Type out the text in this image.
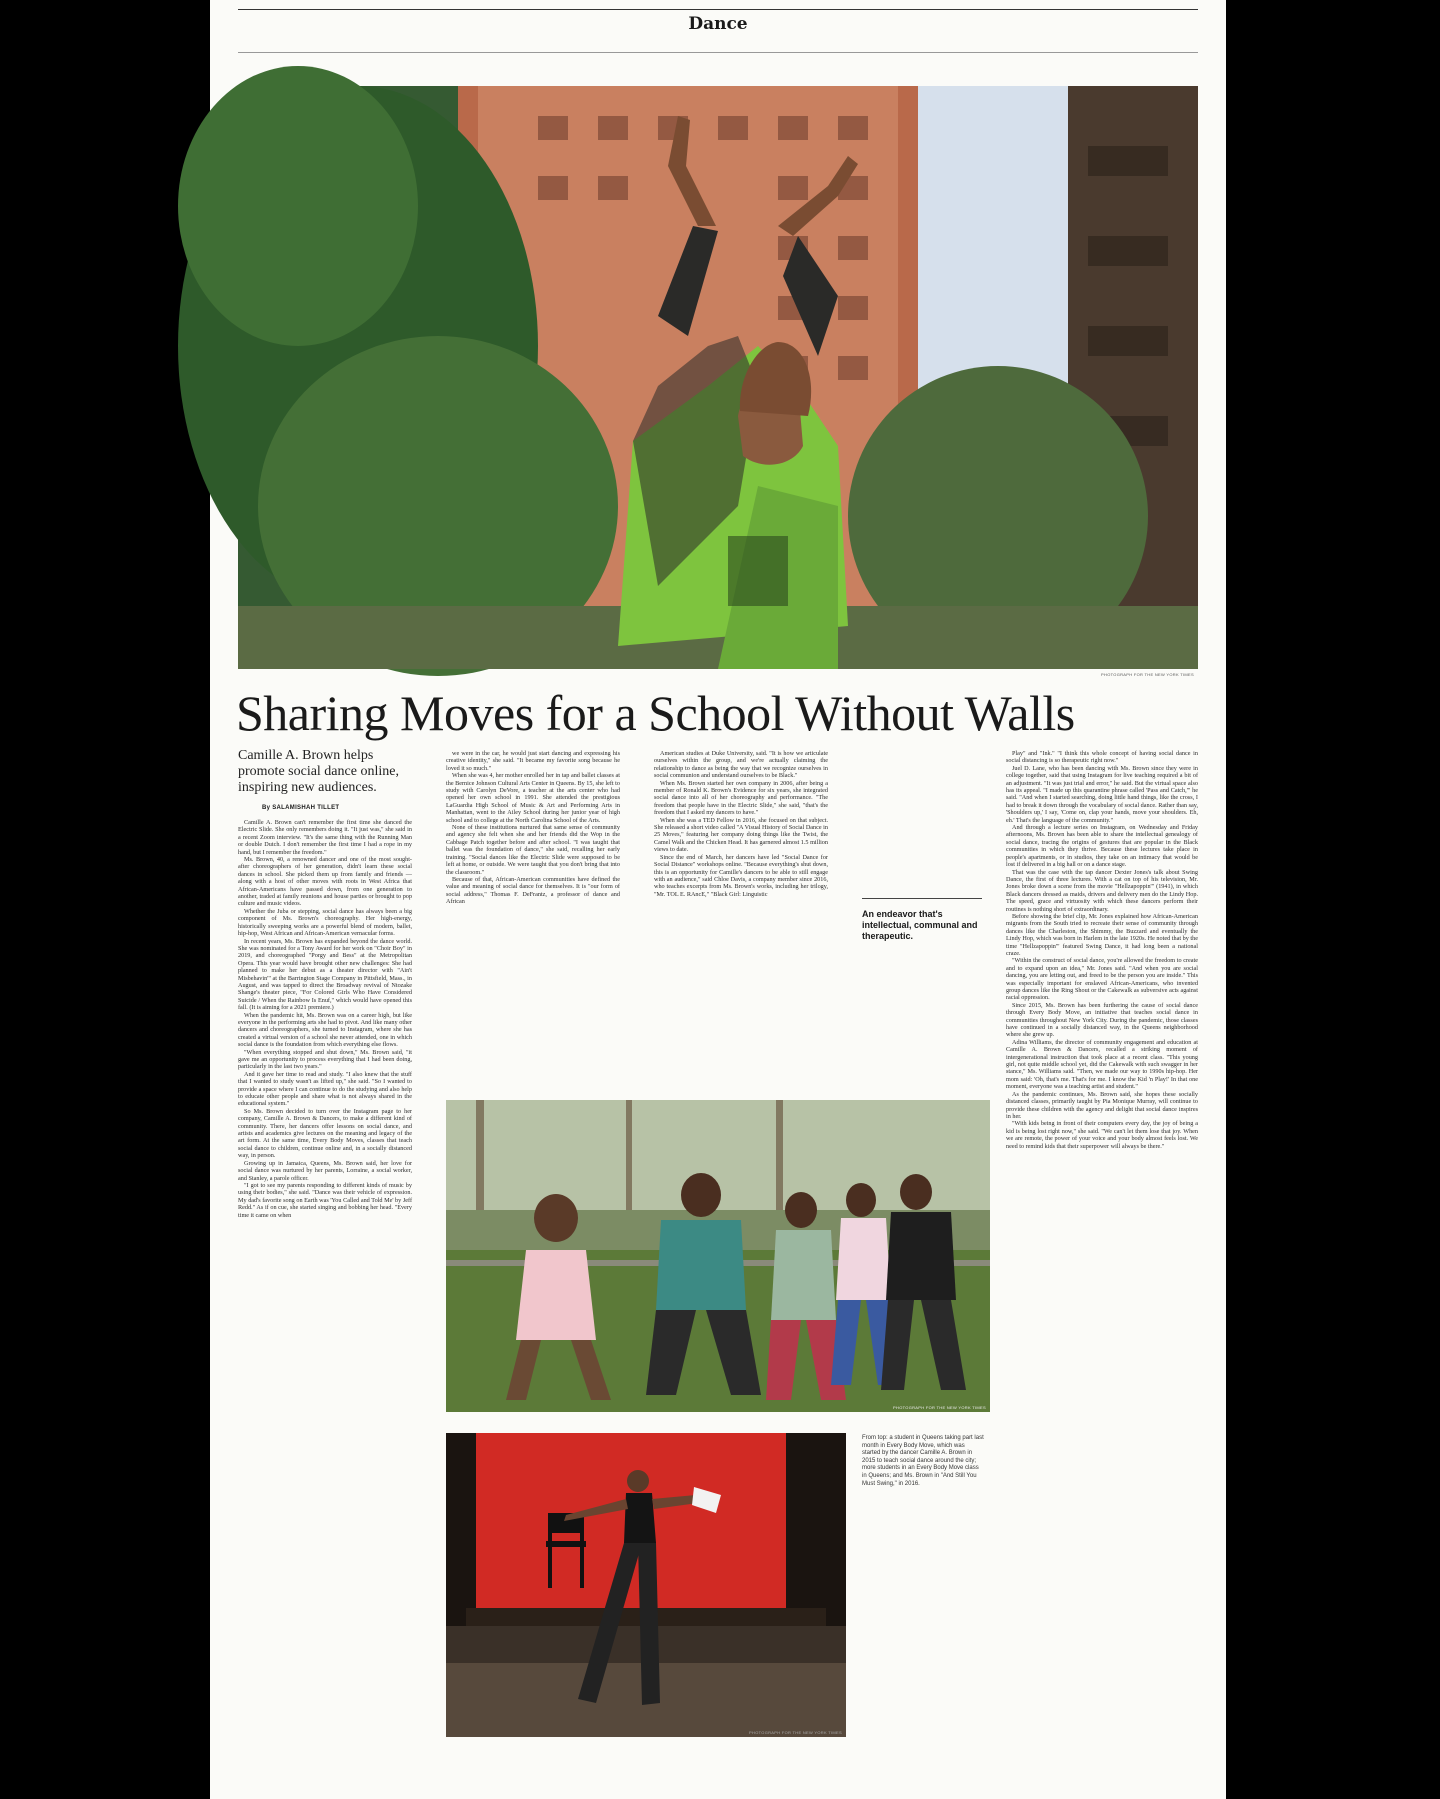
Dance
PHOTOGRAPH FOR THE NEW YORK TIMES
Sharing Moves for a School Without Walls
Camille A. Brown helps promote social dance online, inspiring new audiences.
By SALAMISHAH TILLET

Camille A. Brown can't remember the first time she danced the Electric Slide. She only remembers doing it. "It just was," she said in a recent Zoom interview. "It's the same thing with the Running Man or double Dutch. I don't remember the first time I had a rope in my hand, but I remember the freedom."

Ms. Brown, 40, a renowned dancer and one of the most sought-after choreographers of her generation, didn't learn these social dances in school. She picked them up from family and friends — along with a host of other moves with roots in West Africa that African-Americans have passed down, from one generation to another, traded at family reunions and house parties or brought to pop culture and music videos.

Whether the Juba or stepping, social dance has always been a big component of Ms. Brown's choreography. Her high-energy, historically sweeping works are a powerful blend of modern, ballet, hip-hop, West African and African-American vernacular forms.

In recent years, Ms. Brown has expanded beyond the dance world. She was nominated for a Tony Award for her work on "Choir Boy" in 2019, and choreographed "Porgy and Bess" at the Metropolitan Opera. This year would have brought other new challenges: She had planned to make her debut as a theater director with "Ain't Misbehavin'" at the Barrington Stage Company in Pittsfield, Mass., in August, and was tapped to direct the Broadway revival of Ntozake Shange's theater piece, "For Colored Girls Who Have Considered Suicide / When the Rainbow Is Enuf," which would have opened this fall. (It is aiming for a 2021 premiere.)

When the pandemic hit, Ms. Brown was on a career high, but like everyone in the performing arts she had to pivot. And like many other dancers and choreographers, she turned to Instagram, where she has created a virtual version of a school she never attended, one in which social dance is the foundation from which everything else flows.

"When everything stopped and shut down," Ms. Brown said, "it gave me an opportunity to process everything that I had been doing, particularly in the last two years."

And it gave her time to read and study. "I also knew that the stuff that I wanted to study wasn't as lifted up," she said. "So I wanted to provide a space where I can continue to do the studying and also help to educate other people and share what is not always shared in the educational system."

So Ms. Brown decided to turn over the Instagram page to her company, Camille A. Brown & Dancers, to make a different kind of community. There, her dancers offer lessons on social dance, and artists and academics give lectures on the meaning and legacy of the art form. At the same time, Every Body Moves, classes that teach social dance to children, continue online and, in a socially distanced way, in person.

Growing up in Jamaica, Queens, Ms. Brown said, her love for social dance was nurtured by her parents, Lorraine, a social worker, and Stanley, a parole officer.

"I got to see my parents responding to different kinds of music by using their bodies," she said. "Dance was their vehicle of expression. My dad's favorite song on Earth was 'You Called and Told Me' by Jeff Redd." As if on cue, she started singing and bobbing her head. "Every time it came on when

we were in the car, he would just start dancing and expressing his creative identity," she said. "It became my favorite song because he loved it so much."

When she was 4, her mother enrolled her in tap and ballet classes at the Bernice Johnson Cultural Arts Center in Queens. By 15, she left to study with Carolyn DeVore, a teacher at the arts center who had opened her own school in 1991. She attended the prestigious LaGuardia High School of Music & Art and Performing Arts in Manhattan, went to the Ailey School during her junior year of high school and to college at the North Carolina School of the Arts.

None of these institutions nurtured that same sense of community and agency she felt when she and her friends did the Wop in the Cabbage Patch together before and after school. "I was taught that ballet was the foundation of dance," she said, recalling her early training. "Social dances like the Electric Slide were supposed to be left at home, or outside. We were taught that you don't bring that into the classroom."

Because of that, African-American communities have defined the value and meaning of social dance for themselves. It is "our form of social address," Thomas F. DeFrantz, a professor of dance and African

American studies at Duke University, said. "It is how we articulate ourselves within the group, and we're actually claiming the relationship to dance as being the way that we recognize ourselves in social communion and understand ourselves to be Black."

When Ms. Brown started her own company in 2006, after being a member of Ronald K. Brown's Evidence for six years, she integrated social dance into all of her choreography and performance. "The freedom that people have in the Electric Slide," she said, "that's the freedom that I asked my dancers to have."

When she was a TED Fellow in 2016, she focused on that subject. She released a short video called "A Visual History of Social Dance in 25 Moves," featuring her company doing things like the Twist, the Camel Walk and the Chicken Head. It has garnered almost 1.5 million views to date.

Since the end of March, her dancers have led "Social Dance for Social Distance" workshops online. "Because everything's shut down, this is an opportunity for Camille's dancers to be able to still engage with an audience," said Chloe Davis, a company member since 2016, who teaches excerpts from Ms. Brown's works, including her trilogy, "Mr. TOL E. RAncE," "Black Girl: Linguistic

An endeavor that's intellectual, communal and therapeutic.

Play" and "Ink." "I think this whole concept of having social dance in social distancing is so therapeutic right now."

Juel D. Lane, who has been dancing with Ms. Brown since they were in college together, said that using Instagram for live teaching required a bit of an adjustment. "It was just trial and error," he said. But the virtual space also has its appeal. "I made up this quarantine phrase called 'Pass and Catch,'" he said. "And when I started searching, doing little hand things, like the cross, I had to break it down through the vocabulary of social dance. Rather than say, 'Shoulders up,' I say, 'Come on, clap your hands, move your shoulders. Eh, eh.' That's the language of the community."

And through a lecture series on Instagram, on Wednesday and Friday afternoons, Ms. Brown has been able to share the intellectual genealogy of social dance, tracing the origins of gestures that are popular in the Black communities in which they thrive. Because these lectures take place in people's apartments, or in studios, they take on an intimacy that would be lost if delivered in a big hall or on a dance stage.

That was the case with the tap dancer Dexter Jones's talk about Swing Dance, the first of three lectures. With a cat on top of his television, Mr. Jones broke down a scene from the movie "Hellzapoppin'" (1941), in which Black dancers dressed as maids, drivers and delivery men do the Lindy Hop. The speed, grace and virtuosity with which these dancers perform their routines is nothing short of extraordinary.

Before showing the brief clip, Mr. Jones explained how African-American migrants from the South tried to recreate their sense of community through dances like the Charleston, the Shimmy, the Buzzard and eventually the Lindy Hop, which was born in Harlem in the late 1920s. He noted that by the time "Hellzapoppin'" featured Swing Dance, it had long been a national craze.

"Within the construct of social dance, you're allowed the freedom to create and to expand upon an idea," Mr. Jones said. "And when you are social dancing, you are letting out, and freed to be the person you are inside." This was especially important for enslaved African-Americans, who invented group dances like the Ring Shout or the Cakewalk as subversive acts against racial oppression.

Since 2015, Ms. Brown has been furthering the cause of social dance through Every Body Move, an initiative that teaches social dance in communities throughout New York City. During the pandemic, those classes have continued in a socially distanced way, in the Queens neighborhood where she grew up.

Adina Williams, the director of community engagement and education at Camille A. Brown & Dancers, recalled a striking moment of intergenerational instruction that took place at a recent class. "This young girl, not quite middle school yet, did the Cakewalk with such swagger in her stance," Ms. Williams said. "Then, we made our way to 1990s hip-hop. Her mom said: 'Oh, that's me. That's for me. I know the Kid 'n Play!' In that one moment, everyone was a teaching artist and student."

As the pandemic continues, Ms. Brown said, she hopes these socially distanced classes, primarily taught by Pia Monique Murray, will continue to provide these children with the agency and delight that social dance inspires in her.

"With kids being in front of their computers every day, the joy of being a kid is being lost right now," she said. "We can't let them lose that joy. When we are remote, the power of your voice and your body almost feels lost. We need to remind kids that their superpower will always be there."

PHOTOGRAPH FOR THE NEW YORK TIMES
PHOTOGRAPH FOR THE NEW YORK TIMES
From top: a student in Queens taking part last month in Every Body Move, which was started by the dancer Camille A. Brown in 2015 to teach social dance around the city; more students in an Every Body Move class in Queens; and Ms. Brown in "And Still You Must Swing," in 2016.
